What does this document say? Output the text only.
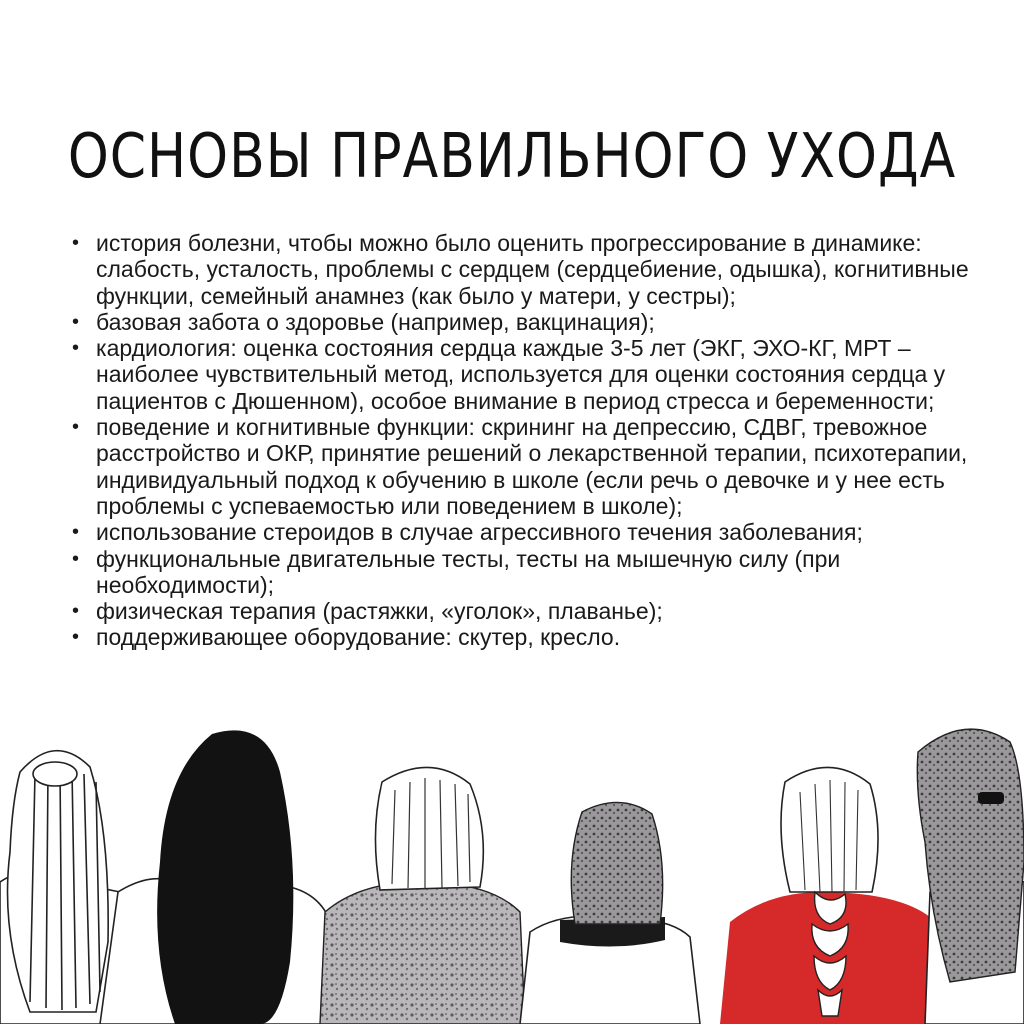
ОСНОВЫ ПРАВИЛЬНОГО УХОДА
• история болезни, чтобы можно было оценить прогрессирование в динамике: слабость, усталость, проблемы с сердцем (сердцебиение, одышка), когнитивные функции, семейный анамнез (как было у матери, у сестры);
• базовая забота о здоровье (например, вакцинация);
• кардиология: оценка состояния сердца каждые 3-5 лет (ЭКГ, ЭХО-КГ, МРТ – наиболее чувствительный метод, используется для оценки состояния сердца у пациентов с Дюшенном), особое внимание в период стресса и беременности;
• поведение и когнитивные функции: скрининг на депрессию, СДВГ, тревожное расстройство и ОКР, принятие решений о лекарственной терапии, психотерапии, индивидуальный подход к обучению в школе (если речь о девочке и у нее есть проблемы с успеваемостью или поведением в школе);
• использование стероидов в случае агрессивного течения заболевания;
• функциональные двигательные тесты, тесты на мышечную силу (при необходимости);
• физическая терапия (растяжки, «уголок», плаванье);
• поддерживающее оборудование: скутер, кресло.
